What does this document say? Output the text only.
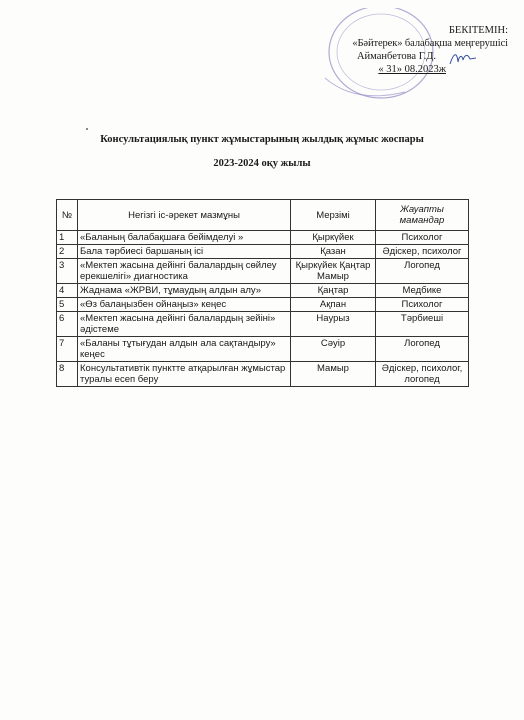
БЕКІТЕМІН:
«Бәйтерек» балабақша меңгерушісі
Айманбетова Г.Д.
« 31» 08.2023ж
Консультациялық пункт жұмыстарының жылдық жұмыс жоспары
2023-2024 оқу жылы
№	Негізгі іс-әрекет мазмұны	Мерзімі	Жауапты мамандар
1	«Баланың балабақшаға бейімделуі »	Қыркүйек	Психолог
2	Бала тәрбиесі баршаның ісі	Қазан	Әдіскер, психолог
3	«Мектеп жасына дейінгі балалардың сөйлеу ерекшелігі» диагностика	Қыркүйек Қаңтар Мамыр	Логопед
4	Жаднама «ЖРВИ, тұмаудың алдын алу»	Қаңтар	Медбике
5	«Өз балаңызбен ойнаңыз» кеңес	Ақпан	Психолог
6	«Мектеп жасына дейінгі балалардың зейіні» әдістеме	Наурыз	Тәрбиеші
7	«Баланы тұтығудан алдын ала сақтандыру» кеңес	Сәуір	Логопед
8	Консультативтік пунктте атқарылған жұмыстар туралы есеп беру	Мамыр	Әдіскер, психолог, логопед
